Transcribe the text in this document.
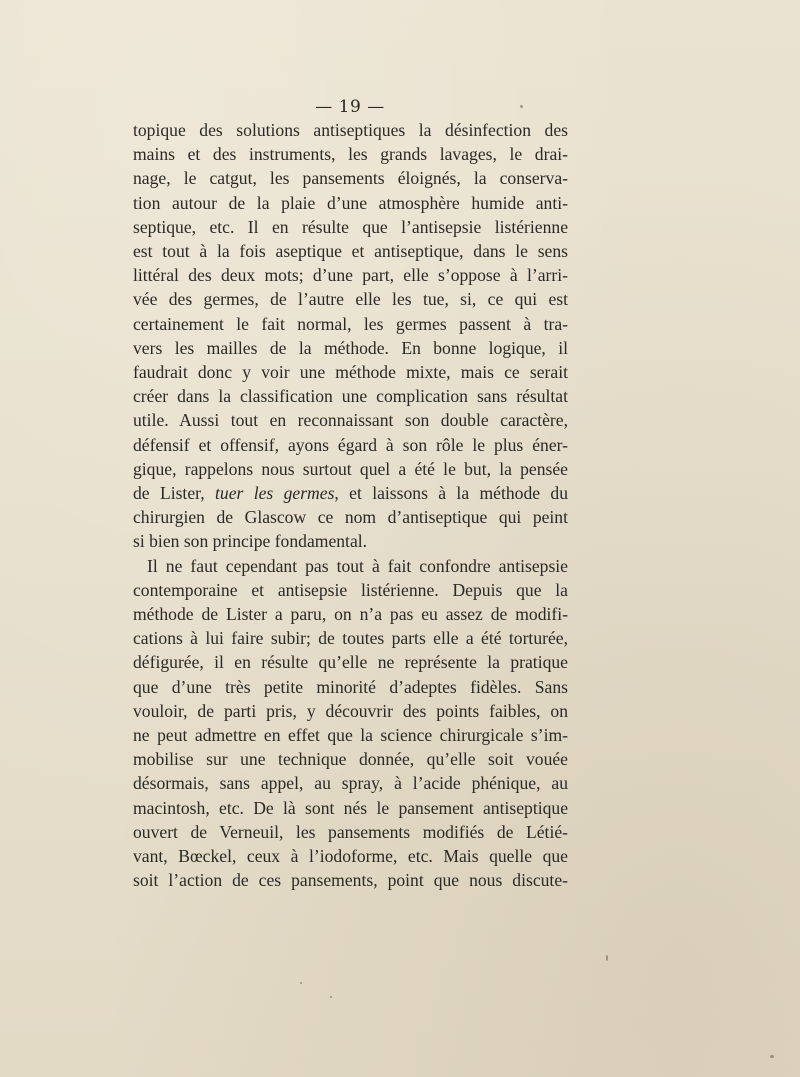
— 19 —
topique des solutions antiseptiques la désinfection des
mains et des instruments, les grands lavages, le drai-
nage, le catgut, les pansements éloignés, la conserva-
tion autour de la plaie d’une atmosphère humide anti-
septique, etc. Il en résulte que l’antisepsie listérienne
est tout à la fois aseptique et antiseptique, dans le sens
littéral des deux mots; d’une part, elle s’oppose à l’arri-
vée des germes, de l’autre elle les tue, si, ce qui est
certainement le fait normal, les germes passent à tra-
vers les mailles de la méthode. En bonne logique, il
faudrait donc y voir une méthode mixte, mais ce serait
créer dans la classification une complication sans résultat
utile. Aussi tout en reconnaissant son double caractère,
défensif et offensif, ayons égard à son rôle le plus éner-
gique, rappelons nous surtout quel a été le but, la pensée
de Lister, tuer les germes, et laissons à la méthode du
chirurgien de Glascow ce nom d’antiseptique qui peint
si bien son principe fondamental.
Il ne faut cependant pas tout à fait confondre antisepsie
contemporaine et antisepsie listérienne. Depuis que la
méthode de Lister a paru, on n’a pas eu assez de modifi-
cations à lui faire subir; de toutes parts elle a été torturée,
défigurée, il en résulte qu’elle ne représente la pratique
que d’une très petite minorité d’adeptes fidèles. Sans
vouloir, de parti pris, y découvrir des points faibles, on
ne peut admettre en effet que la science chirurgicale s’im-
mobilise sur une technique donnée, qu’elle soit vouée
désormais, sans appel, au spray, à l’acide phénique, au
macintosh, etc. De là sont nés le pansement antiseptique
ouvert de Verneuil, les pansements modifiés de Létié-
vant, Bœckel, ceux à l’iodoforme, etc. Mais quelle que
soit l’action de ces pansements, point que nous discute-
